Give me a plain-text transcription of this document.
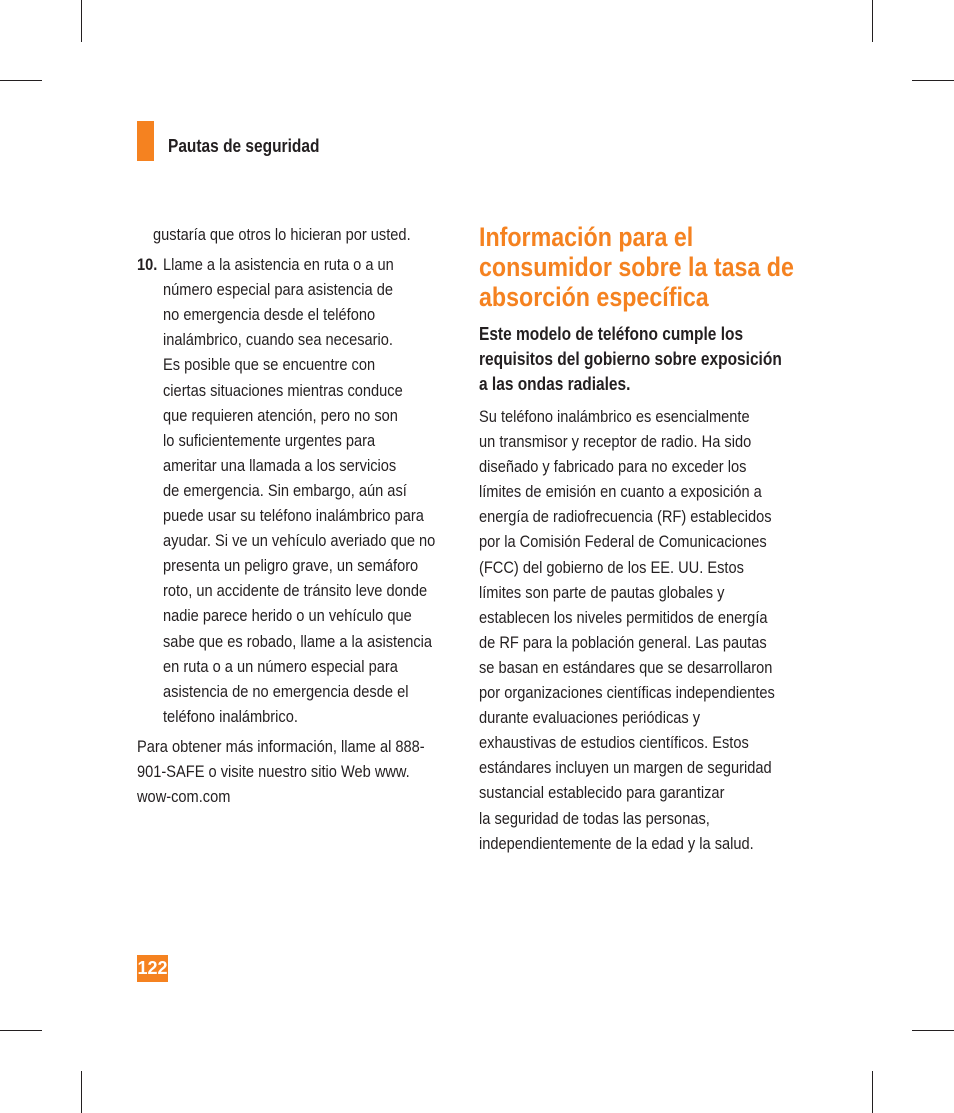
Pautas de seguridad
gustaría que otros lo hicieran por usted.
10. Llame a la asistencia en ruta o a un
número especial para asistencia de
no emergencia desde el teléfono
inalámbrico, cuando sea necesario.
Es posible que se encuentre con
ciertas situaciones mientras conduce
que requieren atención, pero no son
lo suficientemente urgentes para
ameritar una llamada a los servicios
de emergencia. Sin embargo, aún así
puede usar su teléfono inalámbrico para
ayudar. Si ve un vehículo averiado que no
presenta un peligro grave, un semáforo
roto, un accidente de tránsito leve donde
nadie parece herido o un vehículo que
sabe que es robado, llame a la asistencia
en ruta o a un número especial para
asistencia de no emergencia desde el
teléfono inalámbrico.
Para obtener más información, llame al 888-
901-SAFE o visite nuestro sitio Web www.
wow-com.com
Información para el
consumidor sobre la tasa de
absorción específica
Este modelo de teléfono cumple los
requisitos del gobierno sobre exposición
a las ondas radiales.
Su teléfono inalámbrico es esencialmente
un transmisor y receptor de radio. Ha sido
diseñado y fabricado para no exceder los
límites de emisión en cuanto a exposición a
energía de radiofrecuencia (RF) establecidos
por la Comisión Federal de Comunicaciones
(FCC) del gobierno de los EE. UU. Estos
límites son parte de pautas globales y
establecen los niveles permitidos de energía
de RF para la población general. Las pautas
se basan en estándares que se desarrollaron
por organizaciones científicas independientes
durante evaluaciones periódicas y
exhaustivas de estudios científicos. Estos
estándares incluyen un margen de seguridad
sustancial establecido para garantizar
la seguridad de todas las personas,
independientemente de la edad y la salud.
122
